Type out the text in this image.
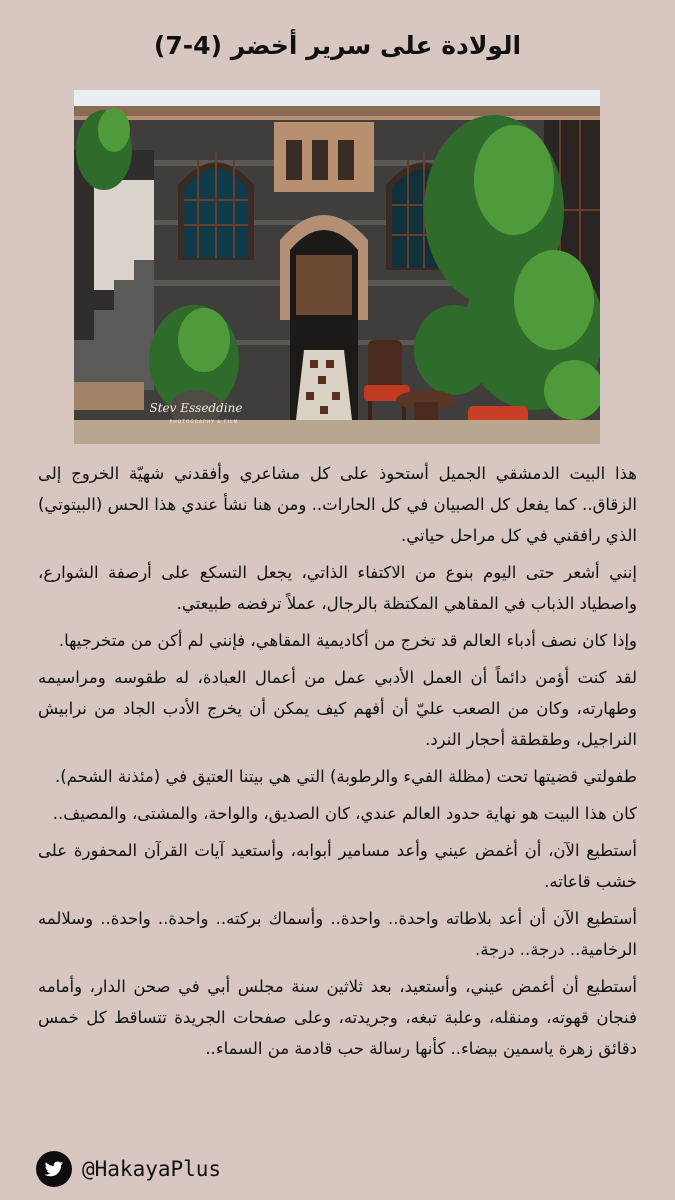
الولادة على سرير أخضر (4-7)
Stev Esseddine
PHOTOGRAPHY & FILM

هذا البيت الدمشقي الجميل أستحوذ على كل مشاعري وأفقدني شهيّة الخروج إلى الزقاق.. كما يفعل كل الصبيان في كل الحارات.. ومن هنا نشأ عندي هذا الحس (البيتوتي) الذي رافقني في كل مراحل حياتي.

إنني أشعر حتى اليوم بنوع من الاكتفاء الذاتي، يجعل التسكع على أرصفة الشوارع، واصطياد الذباب في المقاهي المكتظة بالرجال، عملاً ترفضه طبيعتي.

وإذا كان نصف أدباء العالم قد تخرج من أكاديمية المقاهي، فإنني لم أكن من متخرجيها.

لقد كنت أؤمن دائماً أن العمل الأدبي عمل من أعمال العبادة، له طقوسه ومراسيمه وطهارته، وكان من الصعب عليّ أن أفهم كيف يمكن أن يخرج الأدب الجاد من نرابيش النراجيل، وطقطقة أحجار النرد.

طفولتي قضيتها تحت (مظلة الفيء والرطوبة) التي هي بيتنا العتيق في (مئذنة الشحم).

كان هذا البيت هو نهاية حدود العالم عندي، كان الصديق، والواحة، والمشتى، والمصيف..

أستطيع الآن، أن أغمض عيني وأعد مسامير أبوابه، وأستعيد آيات القرآن المحفورة على خشب قاعاته.

أستطيع الآن أن أعد بلاطاته واحدة.. واحدة.. وأسماك بركته.. واحدة.. واحدة.. وسلالمه الرخامية.. درجة.. درجة.

أستطيع أن أغمض عيني، وأستعيد، بعد ثلاثين سنة مجلس أبي في صحن الدار، وأمامه فنجان قهوته، ومنقله، وعلبة تبغه، وجريدته، وعلى صفحات الجريدة تتساقط كل خمس دقائق زهرة ياسمين بيضاء.. كأنها رسالة حب قادمة من السماء..

@HakayaPlus
